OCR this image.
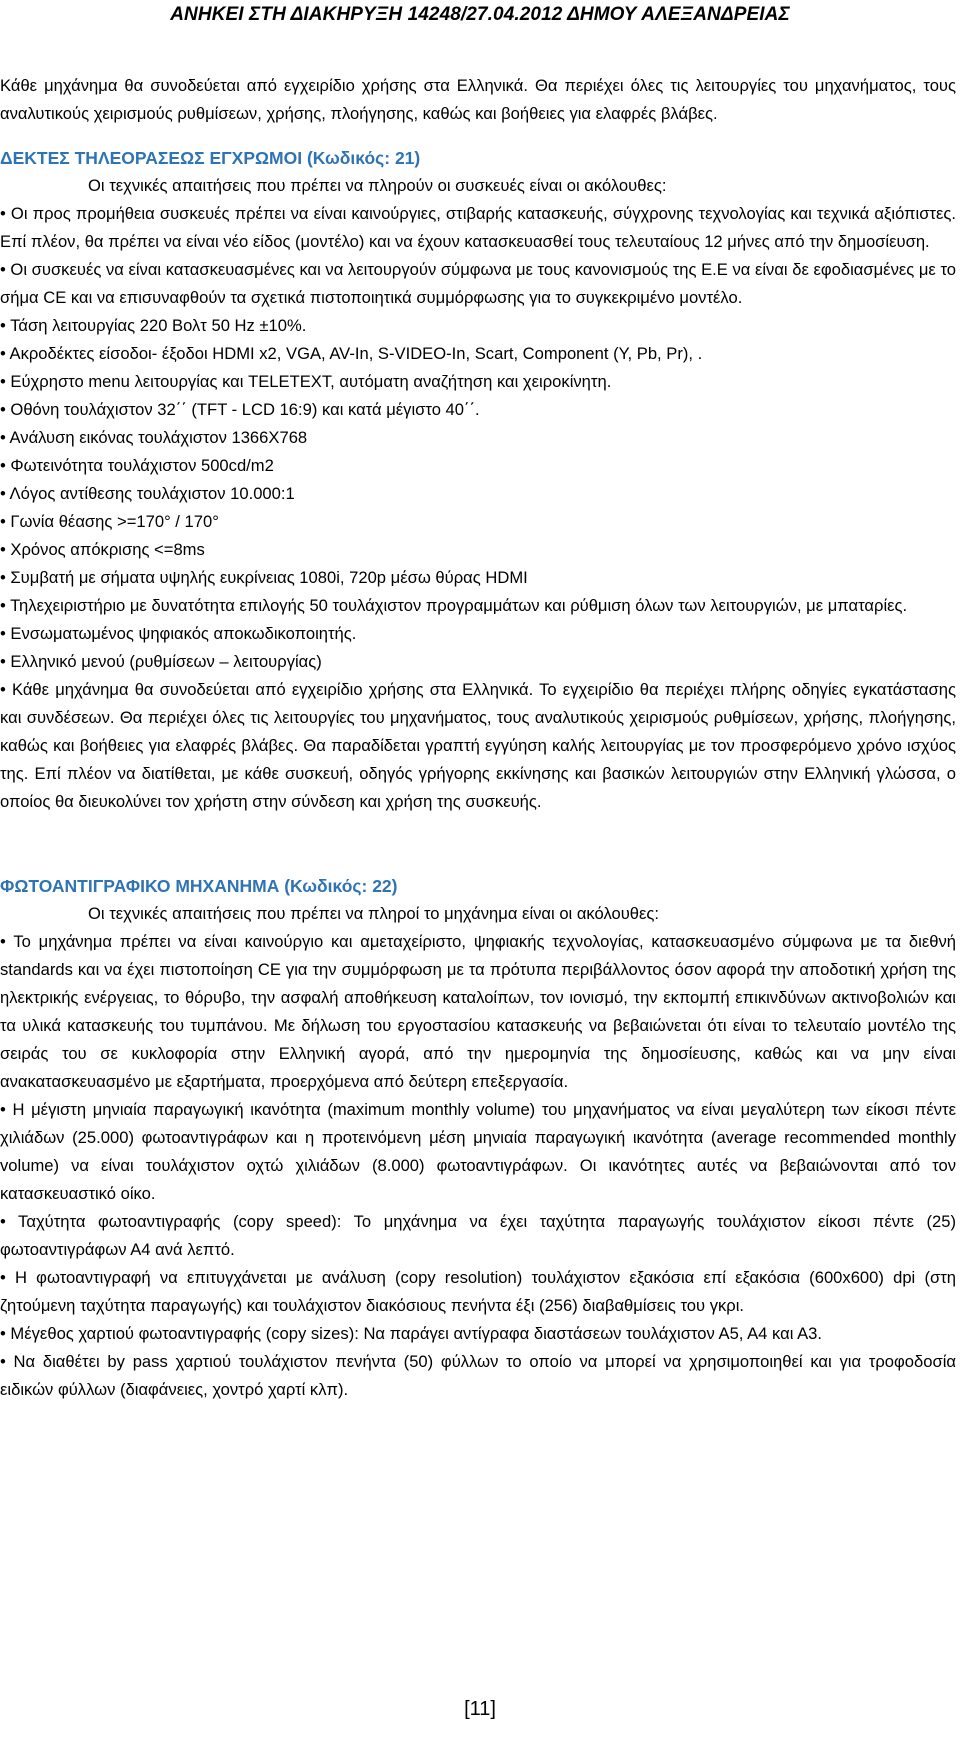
ΑΝΗΚΕΙ ΣΤΗ ΔΙΑΚΗΡΥΞΗ 14248/27.04.2012 ΔΗΜΟΥ ΑΛΕΞΑΝΔΡΕΙΑΣ

Κάθε μηχάνημα θα συνοδεύεται από εγχειρίδιο χρήσης στα Ελληνικά. Θα περιέχει όλες τις λειτουργίες του μηχανήματος, τους αναλυτικούς χειρισμούς ρυθμίσεων, χρήσης, πλοήγησης, καθώς και βοήθειες για ελαφρές βλάβες.

ΔΕΚΤΕΣ ΤΗΛΕΟΡΑΣΕΩΣ ΕΓΧΡΩΜΟΙ (Κωδικός: 21)

Οι τεχνικές απαιτήσεις που πρέπει να πληρούν οι συσκευές είναι οι ακόλουθες:

• Οι προς προμήθεια συσκευές πρέπει να είναι καινούργιες, στιβαρής κατασκευής, σύγχρονης τεχνολογίας και τεχνικά αξιόπιστες. Επί πλέον, θα πρέπει να είναι νέο είδος (μοντέλο) και να έχουν κατασκευασθεί τους τελευταίους 12 μήνες από την δημοσίευση.

• Οι συσκευές να είναι κατασκευασμένες και να λειτουργούν σύμφωνα με τους κανονισμούς της Ε.Ε να είναι δε εφοδιασμένες με το σήμα CE και να επισυναφθούν τα σχετικά πιστοποιητικά συμμόρφωσης για το συγκεκριμένο μοντέλο.

• Τάση λειτουργίας 220 Βολτ 50 Hz ±10%.

• Ακροδέκτες είσοδοι- έξοδοι HDMI x2, VGA, AV-In, S-VIDEO-In, Scart, Component (Y, Pb, Pr), .

• Εύχρηστο menu λειτουργίας και TELETEXT, αυτόματη αναζήτηση και χειροκίνητη.

• Οθόνη τουλάχιστον 32΄΄ (TFT - LCD 16:9) και κατά μέγιστο 40΄΄.

• Ανάλυση εικόνας τουλάχιστον 1366Χ768

• Φωτεινότητα τουλάχιστον 500cd/m2

• Λόγος αντίθεσης τουλάχιστον 10.000:1

• Γωνία θέασης >=170° / 170°

• Χρόνος απόκρισης <=8ms

• Συμβατή με σήματα υψηλής ευκρίνειας 1080i, 720p μέσω θύρας HDMI

• Τηλεχειριστήριο με δυνατότητα επιλογής 50 τουλάχιστον προγραμμάτων και ρύθμιση όλων των λειτουργιών, με μπαταρίες.

• Ενσωματωμένος ψηφιακός αποκωδικοποιητής.

• Ελληνικό μενού (ρυθμίσεων – λειτουργίας)

• Κάθε μηχάνημα θα συνοδεύεται από εγχειρίδιο χρήσης στα Ελληνικά. Το εγχειρίδιο θα περιέχει πλήρης οδηγίες εγκατάστασης και συνδέσεων. Θα περιέχει όλες τις λειτουργίες του μηχανήματος, τους αναλυτικούς χειρισμούς ρυθμίσεων, χρήσης, πλοήγησης, καθώς και βοήθειες για ελαφρές βλάβες. Θα παραδίδεται γραπτή εγγύηση καλής λειτουργίας με τον προσφερόμενο χρόνο ισχύος της. Επί πλέον να διατίθεται, με κάθε συσκευή, οδηγός γρήγορης εκκίνησης και βασικών λειτουργιών στην Ελληνική γλώσσα, ο οποίος θα διευκολύνει τον χρήστη στην σύνδεση και χρήση της συσκευής.

ΦΩΤΟΑΝΤΙΓΡΑΦΙΚΟ ΜΗΧΑΝΗΜΑ (Κωδικός: 22)

Οι τεχνικές απαιτήσεις που πρέπει να πληροί το μηχάνημα είναι οι ακόλουθες:

• Το μηχάνημα πρέπει να είναι καινούργιο και αμεταχείριστο, ψηφιακής τεχνολογίας, κατασκευασμένο σύμφωνα με τα διεθνή standards και να έχει πιστοποίηση CE για την συμμόρφωση με τα πρότυπα περιβάλλοντος όσον αφορά την αποδοτική χρήση της ηλεκτρικής ενέργειας, το θόρυβο, την ασφαλή αποθήκευση καταλοίπων, τον ιονισμό, την εκπομπή επικινδύνων ακτινοβολιών και τα υλικά κατασκευής του τυμπάνου. Με δήλωση του εργοστασίου κατασκευής να βεβαιώνεται ότι είναι το τελευταίο μοντέλο της σειράς του σε κυκλοφορία στην Ελληνική αγορά, από την ημερομηνία της δημοσίευσης, καθώς και να μην είναι ανακατασκευασμένο με εξαρτήματα, προερχόμενα από δεύτερη επεξεργασία.

• Η μέγιστη μηνιαία παραγωγική ικανότητα (maximum monthly volume) του μηχανήματος να είναι μεγαλύτερη των είκοσι πέντε χιλιάδων (25.000) φωτοαντιγράφων και η προτεινόμενη μέση μηνιαία παραγωγική ικανότητα (average recommended monthly volume) να είναι τουλάχιστον οχτώ χιλιάδων (8.000) φωτοαντιγράφων. Οι ικανότητες αυτές να βεβαιώνονται από τον κατασκευαστικό οίκο.

• Ταχύτητα φωτοαντιγραφής (copy speed): Το μηχάνημα να έχει ταχύτητα παραγωγής τουλάχιστον είκοσι πέντε (25) φωτοαντιγράφων Α4 ανά λεπτό.

• Η φωτοαντιγραφή να επιτυγχάνεται με ανάλυση (copy resolution) τουλάχιστον εξακόσια επί εξακόσια (600x600) dpi (στη ζητούμενη ταχύτητα παραγωγής) και τουλάχιστον διακόσιους πενήντα έξι (256) διαβαθμίσεις του γκρι.

• Μέγεθος χαρτιού φωτοαντιγραφής (copy sizes): Να παράγει αντίγραφα διαστάσεων τουλάχιστον Α5, Α4 και Α3.

• Να διαθέτει by pass χαρτιού τουλάχιστον πενήντα (50) φύλλων το οποίο να μπορεί να χρησιμοποιηθεί και για τροφοδοσία ειδικών φύλλων (διαφάνειες, χοντρό χαρτί κλπ).

[11]
